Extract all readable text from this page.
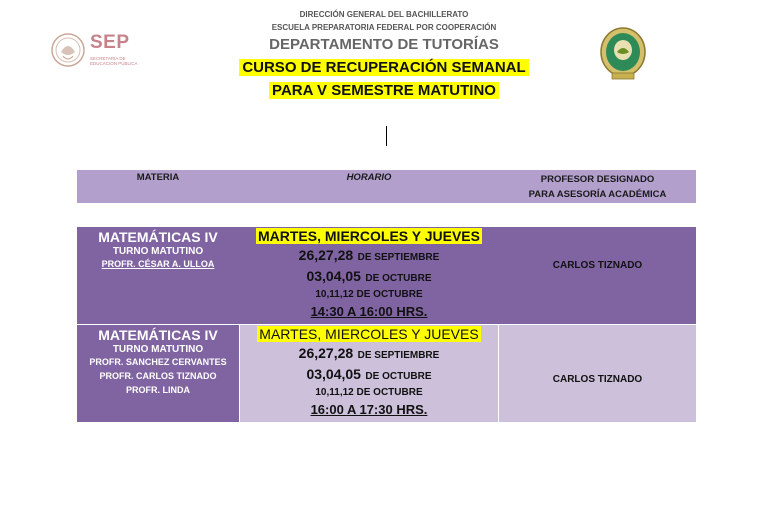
SEP
SECRETARÍA DE EDUCACIÓN PÚBLICA
DIRECCIÓN GENERAL DEL BACHILLERATO
ESCUELA PREPARATORIA FEDERAL POR COOPERACIÓN
DEPARTAMENTO DE TUTORÍAS
CURSO DE RECUPERACIÓN SEMANAL
PARA V SEMESTRE MATUTINO
MATERIA	HORARIO	PROFESOR DESIGNADO
PARA ASESORÍA ACADÉMICA
MATEMÁTICAS IV
TURNO MATUTINO
PROFR. CÉSAR A. ULLOA
MARTES, MIERCOLES Y JUEVES
26,27,28 DE SEPTIEMBRE
03,04,05 DE OCTUBRE
10,11,12 DE OCTUBRE
14:30 A 16:00 HRS.
CARLOS TIZNADO
MATEMÁTICAS IV
TURNO MATUTINO
PROFR. SANCHEZ CERVANTES
PROFR. CARLOS TIZNADO
PROFR. LINDA
MARTES, MIERCOLES Y JUEVES
26,27,28 DE SEPTIEMBRE
03,04,05 DE OCTUBRE
10,11,12 DE OCTUBRE
16:00 A 17:30 HRS.
CARLOS TIZNADO
